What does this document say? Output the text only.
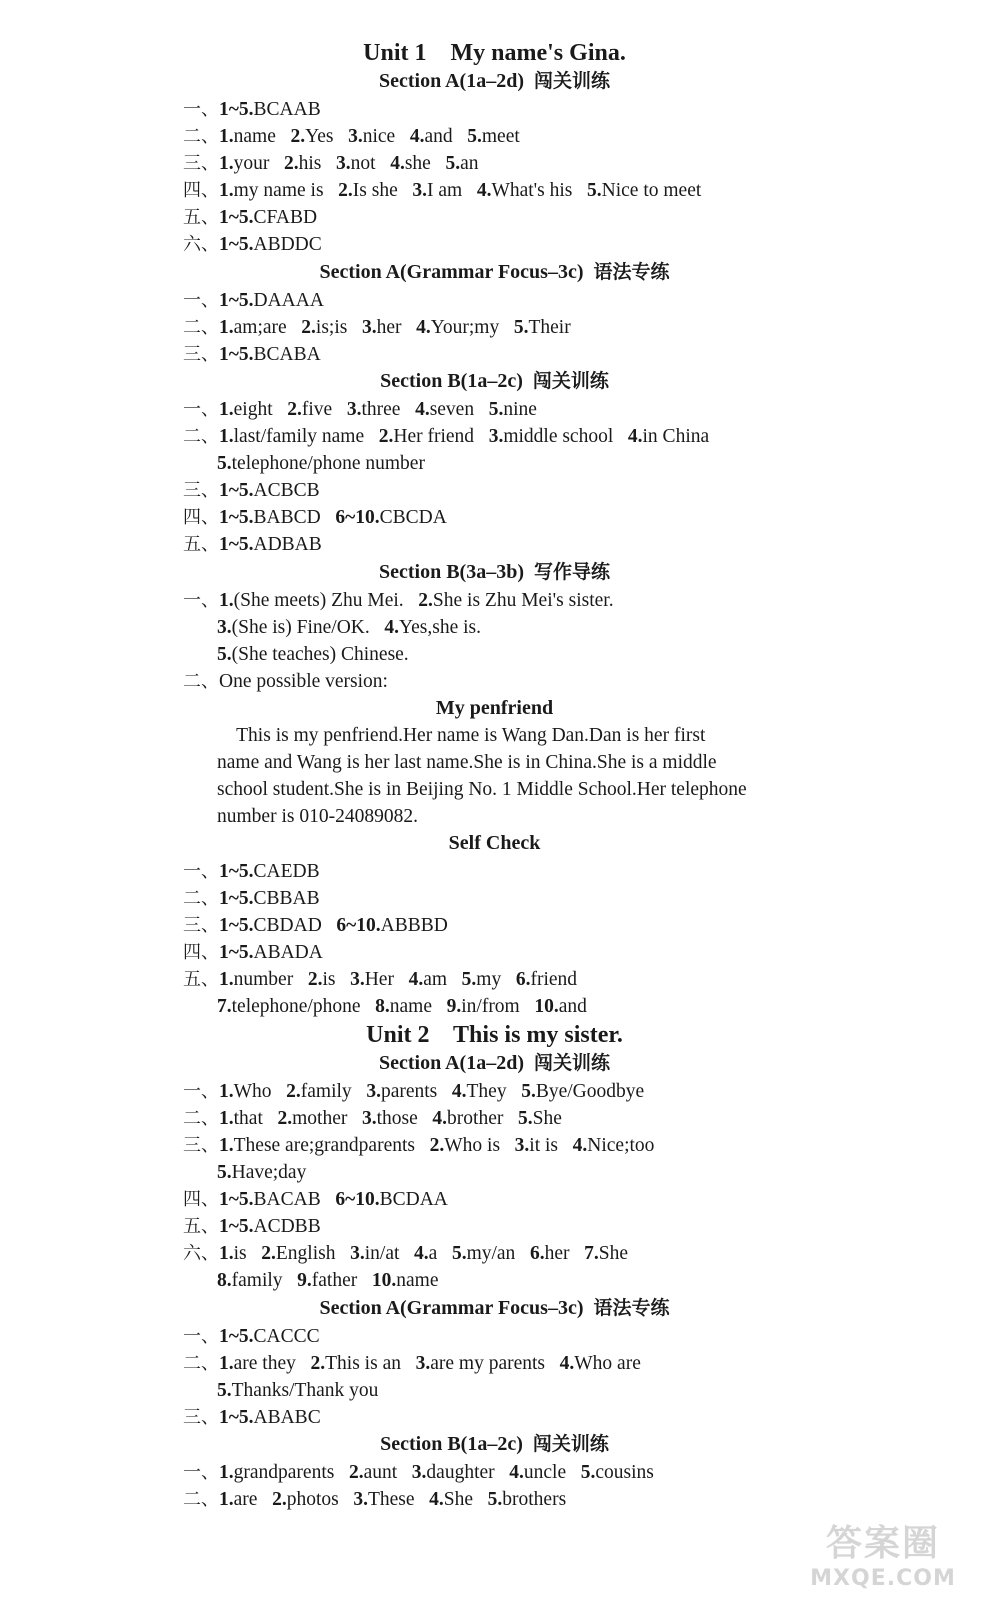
Unit 1    My name's Gina.
Section A(1a–2d) 闯关训练
一、1~5.BCAAB
二、1.name 2.Yes 3.nice 4.and 5.meet
三、1.your 2.his 3.not 4.she 5.an
四、1.my name is 2.Is she 3.I am 4.What's his 5.Nice to meet
五、1~5.CFABD
六、1~5.ABDDC
Section A(Grammar Focus–3c) 语法专练
一、1~5.DAAAA
二、1.am;are 2.is;is 3.her 4.Your;my 5.Their
三、1~5.BCABA
Section B(1a–2c) 闯关训练
一、1.eight 2.five 3.three 4.seven 5.nine
二、1.last/family name 2.Her friend 3.middle school 4.in China
5.telephone/phone number
三、1~5.ACBCB
四、1~5.BABCD 6~10.CBCDA
五、1~5.ADBAB
Section B(3a–3b) 写作导练
一、1.(She meets) Zhu Mei. 2.She is Zhu Mei's sister.
3.(She is) Fine/OK. 4.Yes,she is.
5.(She teaches) Chinese.
二、One possible version:
My penfriend
This is my penfriend.Her name is Wang Dan.Dan is her first
name and Wang is her last name.She is in China.She is a middle
school student.She is in Beijing No. 1 Middle School.Her telephone
number is 010-24089082.
Self Check
一、1~5.CAEDB
二、1~5.CBBAB
三、1~5.CBDAD 6~10.ABBBD
四、1~5.ABADA
五、1.number 2.is 3.Her 4.am 5.my 6.friend
7.telephone/phone 8.name 9.in/from 10.and
Unit 2    This is my sister.
Section A(1a–2d) 闯关训练
一、1.Who 2.family 3.parents 4.They 5.Bye/Goodbye
二、1.that 2.mother 3.those 4.brother 5.She
三、1.These are;grandparents 2.Who is 3.it is 4.Nice;too
5.Have;day
四、1~5.BACAB 6~10.BCDAA
五、1~5.ACDBB
六、1.is 2.English 3.in/at 4.a 5.my/an 6.her 7.She
8.family 9.father 10.name
Section A(Grammar Focus–3c) 语法专练
一、1~5.CACCC
二、1.are they 2.This is an 3.are my parents 4.Who are
5.Thanks/Thank you
三、1~5.ABABC
Section B(1a–2c) 闯关训练
一、1.grandparents 2.aunt 3.daughter 4.uncle 5.cousins
二、1.are 2.photos 3.These 4.She 5.brothers
答案圈
MXQE.COM
